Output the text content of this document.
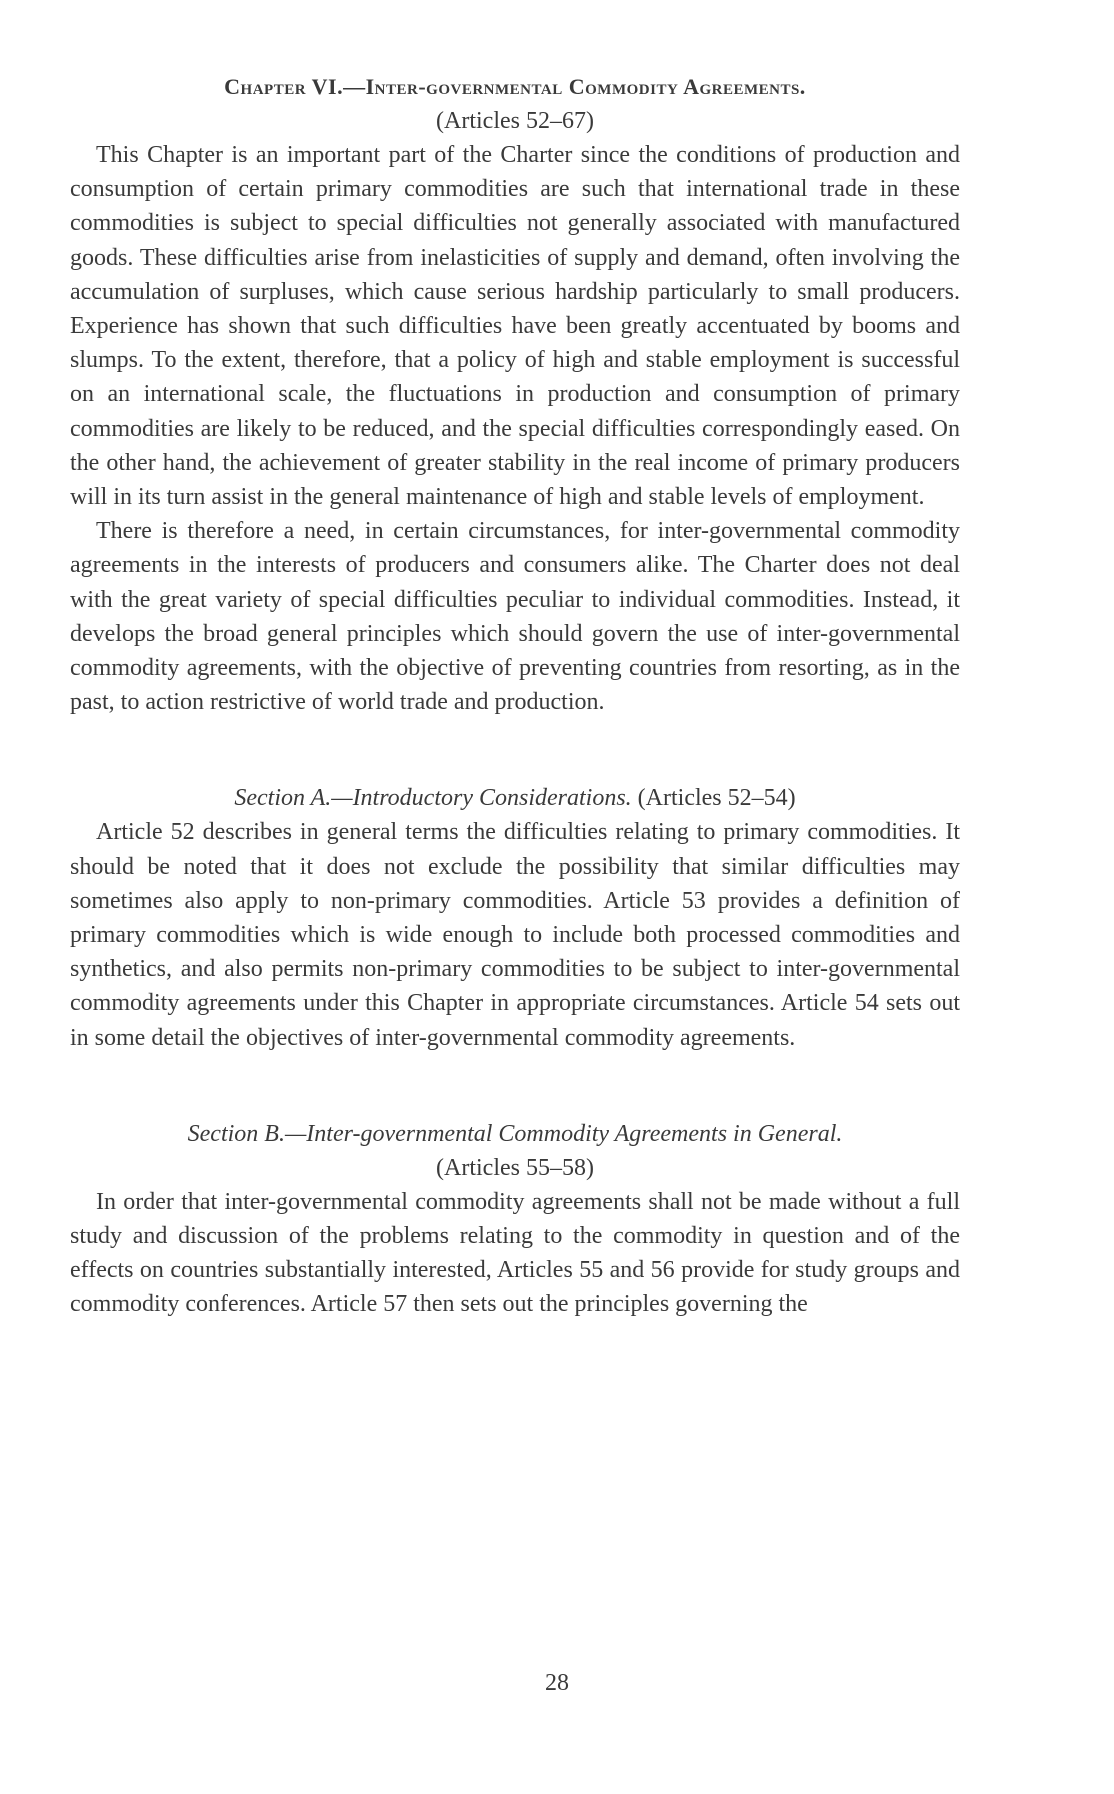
Chapter VI.—Inter-governmental Commodity Agreements.
(Articles 52–67)

This Chapter is an important part of the Charter since the conditions of production and consumption of certain primary commodities are such that international trade in these commodities is subject to special difficulties not generally associated with manufactured goods. These difficulties arise from inelasticities of supply and demand, often involving the accumulation of surpluses, which cause serious hardship particularly to small producers. Experience has shown that such difficulties have been greatly accentuated by booms and slumps. To the extent, therefore, that a policy of high and stable employment is successful on an international scale, the fluctuations in production and consumption of primary commodities are likely to be reduced, and the special difficulties correspondingly eased. On the other hand, the achievement of greater stability in the real income of primary producers will in its turn assist in the general maintenance of high and stable levels of employment.

There is therefore a need, in certain circumstances, for inter-governmental commodity agreements in the interests of producers and consumers alike. The Charter does not deal with the great variety of special difficulties peculiar to individual commodities. Instead, it develops the broad general principles which should govern the use of inter-governmental commodity agreements, with the objective of preventing countries from resorting, as in the past, to action restrictive of world trade and production.

Section A.—Introductory Considerations. (Articles 52–54)

Article 52 describes in general terms the difficulties relating to primary commodities. It should be noted that it does not exclude the possibility that similar difficulties may sometimes also apply to non-primary commodities. Article 53 provides a definition of primary commodities which is wide enough to include both processed commodities and synthetics, and also permits non-primary commodities to be subject to inter-governmental commodity agreements under this Chapter in appropriate circumstances. Article 54 sets out in some detail the objectives of inter-governmental commodity agreements.

Section B.—Inter-governmental Commodity Agreements in General.
(Articles 55–58)

In order that inter-governmental commodity agreements shall not be made without a full study and discussion of the problems relating to the commodity in question and of the effects on countries substantially interested, Articles 55 and 56 provide for study groups and commodity conferences. Article 57 then sets out the principles governing the

28
